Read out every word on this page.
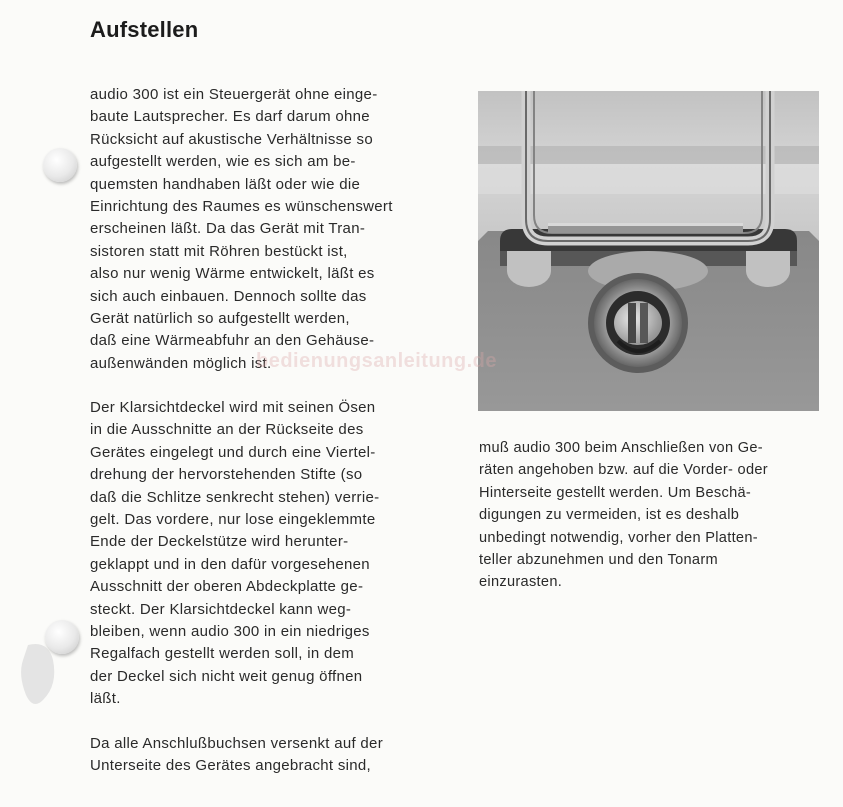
Aufstellen
audio 300 ist ein Steuergerät ohne einge-
baute Lautsprecher. Es darf darum ohne
Rücksicht auf akustische Verhältnisse so
aufgestellt werden, wie es sich am be-
quemsten handhaben läßt oder wie die
Einrichtung des Raumes es wünschenswert
erscheinen läßt. Da das Gerät mit Tran-
sistoren statt mit Röhren bestückt ist,
also nur wenig Wärme entwickelt, läßt es
sich auch einbauen. Dennoch sollte das
Gerät natürlich so aufgestellt werden,
daß eine Wärmeabfuhr an den Gehäuse-
außenwänden möglich ist.
Der Klarsichtdeckel wird mit seinen Ösen
in die Ausschnitte an der Rückseite des
Gerätes eingelegt und durch eine Viertel-
drehung der hervorstehenden Stifte (so
daß die Schlitze senkrecht stehen) verrie-
gelt. Das vordere, nur lose eingeklemmte
Ende der Deckelstütze wird herunter-
geklappt und in den dafür vorgesehenen
Ausschnitt der oberen Abdeckplatte ge-
steckt. Der Klarsichtdeckel kann weg-
bleiben, wenn audio 300 in ein niedriges
Regalfach gestellt werden soll, in dem
der Deckel sich nicht weit genug öffnen
läßt.
Da alle Anschlußbuchsen versenkt auf der
Unterseite des Gerätes angebracht sind,
muß audio 300 beim Anschließen von Ge-
räten angehoben bzw. auf die Vorder- oder
Hinterseite gestellt werden. Um Beschä-
digungen zu vermeiden, ist es deshalb
unbedingt notwendig, vorher den Platten-
teller abzunehmen und den Tonarm
einzurasten.
bedienungsanleitung.de
